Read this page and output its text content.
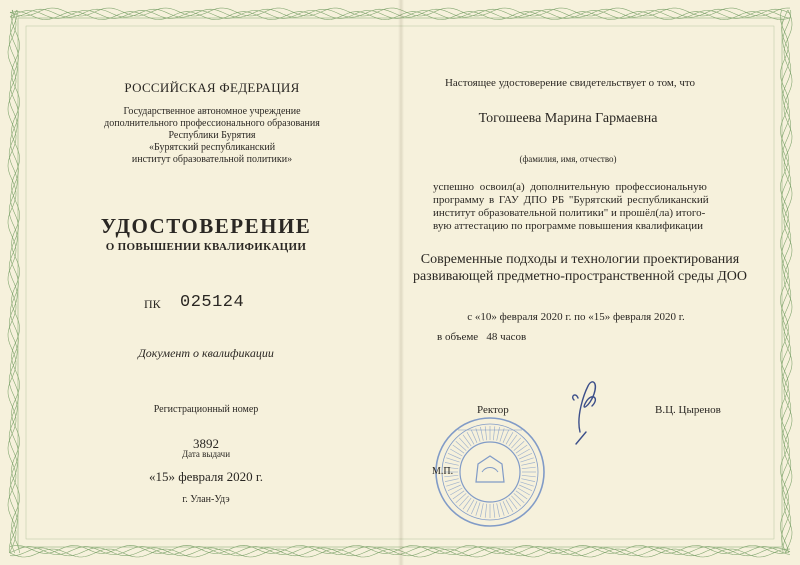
РОССИЙСКАЯ ФЕДЕРАЦИЯ
Государственное автономное учреждение
дополнительного профессионального образования
Республики Бурятия
«Бурятский республиканский
институт образовательной политики»
УДОСТОВЕРЕНИЕ
О ПОВЫШЕНИИ КВАЛИФИКАЦИИ
ПК 025124
Документ о квалификации
Регистрационный номер
3892
Дата выдачи
«15» февраля 2020 г.
г. Улан-Удэ
Настоящее удостоверение свидетельствует о том, что
Тогошеева Марина Гармаевна
(фамилия, имя, отчество)
успешно освоил(а) дополнительную профессиональную
программу в ГАУ ДПО РБ "Бурятский республиканский
институт образовательной политики" и прошёл(ла) итого-
вую аттестацию по программе повышения квалификации
Современные подходы и технологии проектирования
развивающей предметно-пространственной среды ДОО
с «10» февраля 2020 г. по «15» февраля 2020 г.
в объеме   48 часов
Ректор	В.Ц. Цыренов
М.П.
